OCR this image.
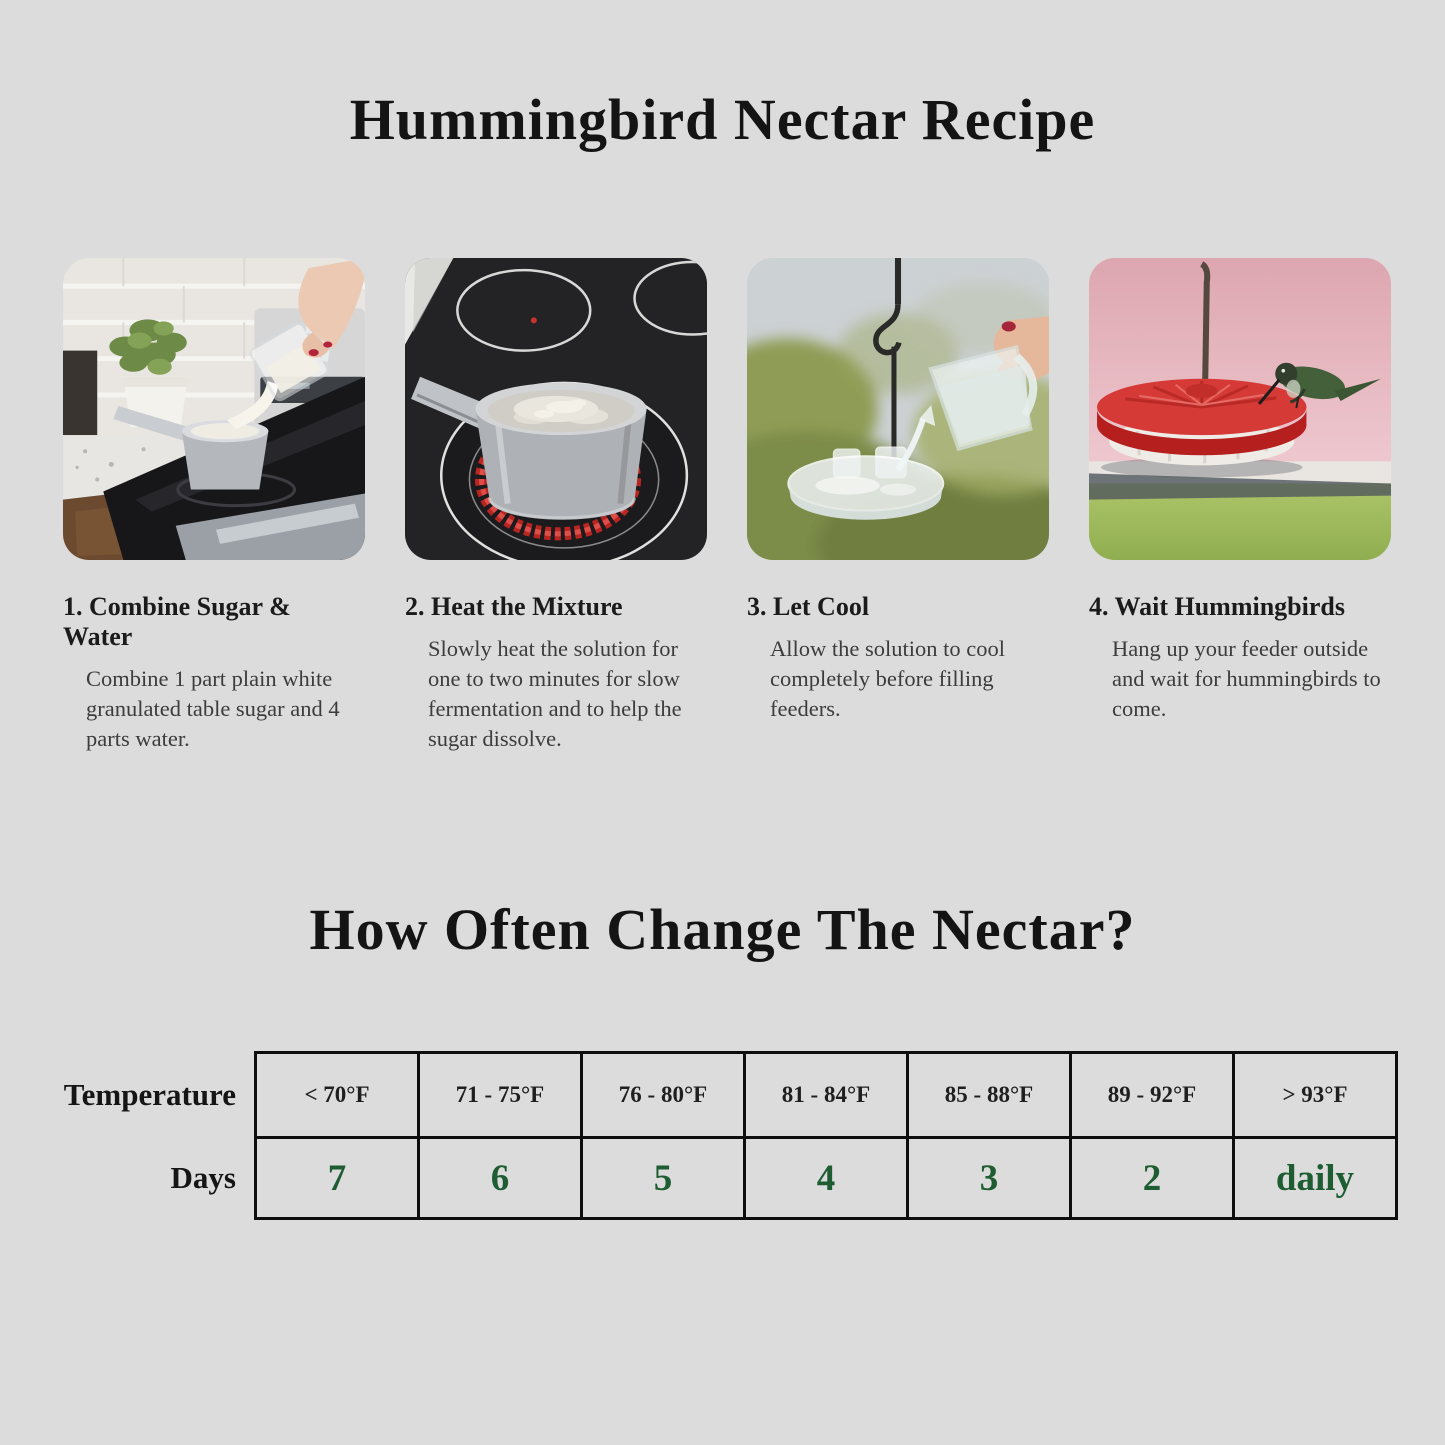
Hummingbird Nectar Recipe
1. Combine Sugar & Water
Combine 1 part plain white granulated table sugar and 4 parts water.
2. Heat the Mixture
Slowly heat the solution for one to two minutes for slow fermentation and to help the sugar dissolve.
3. Let Cool
Allow the solution to cool completely before filling feeders.
4. Wait Hummingbirds
Hang up your feeder outside and wait for hummingbirds to come.
How Often Change The Nectar?
Temperature	< 70°F	71 - 75°F	76 - 80°F	81 - 84°F	85 - 88°F	89 - 92°F	> 93°F
Days	7	6	5	4	3	2	daily
